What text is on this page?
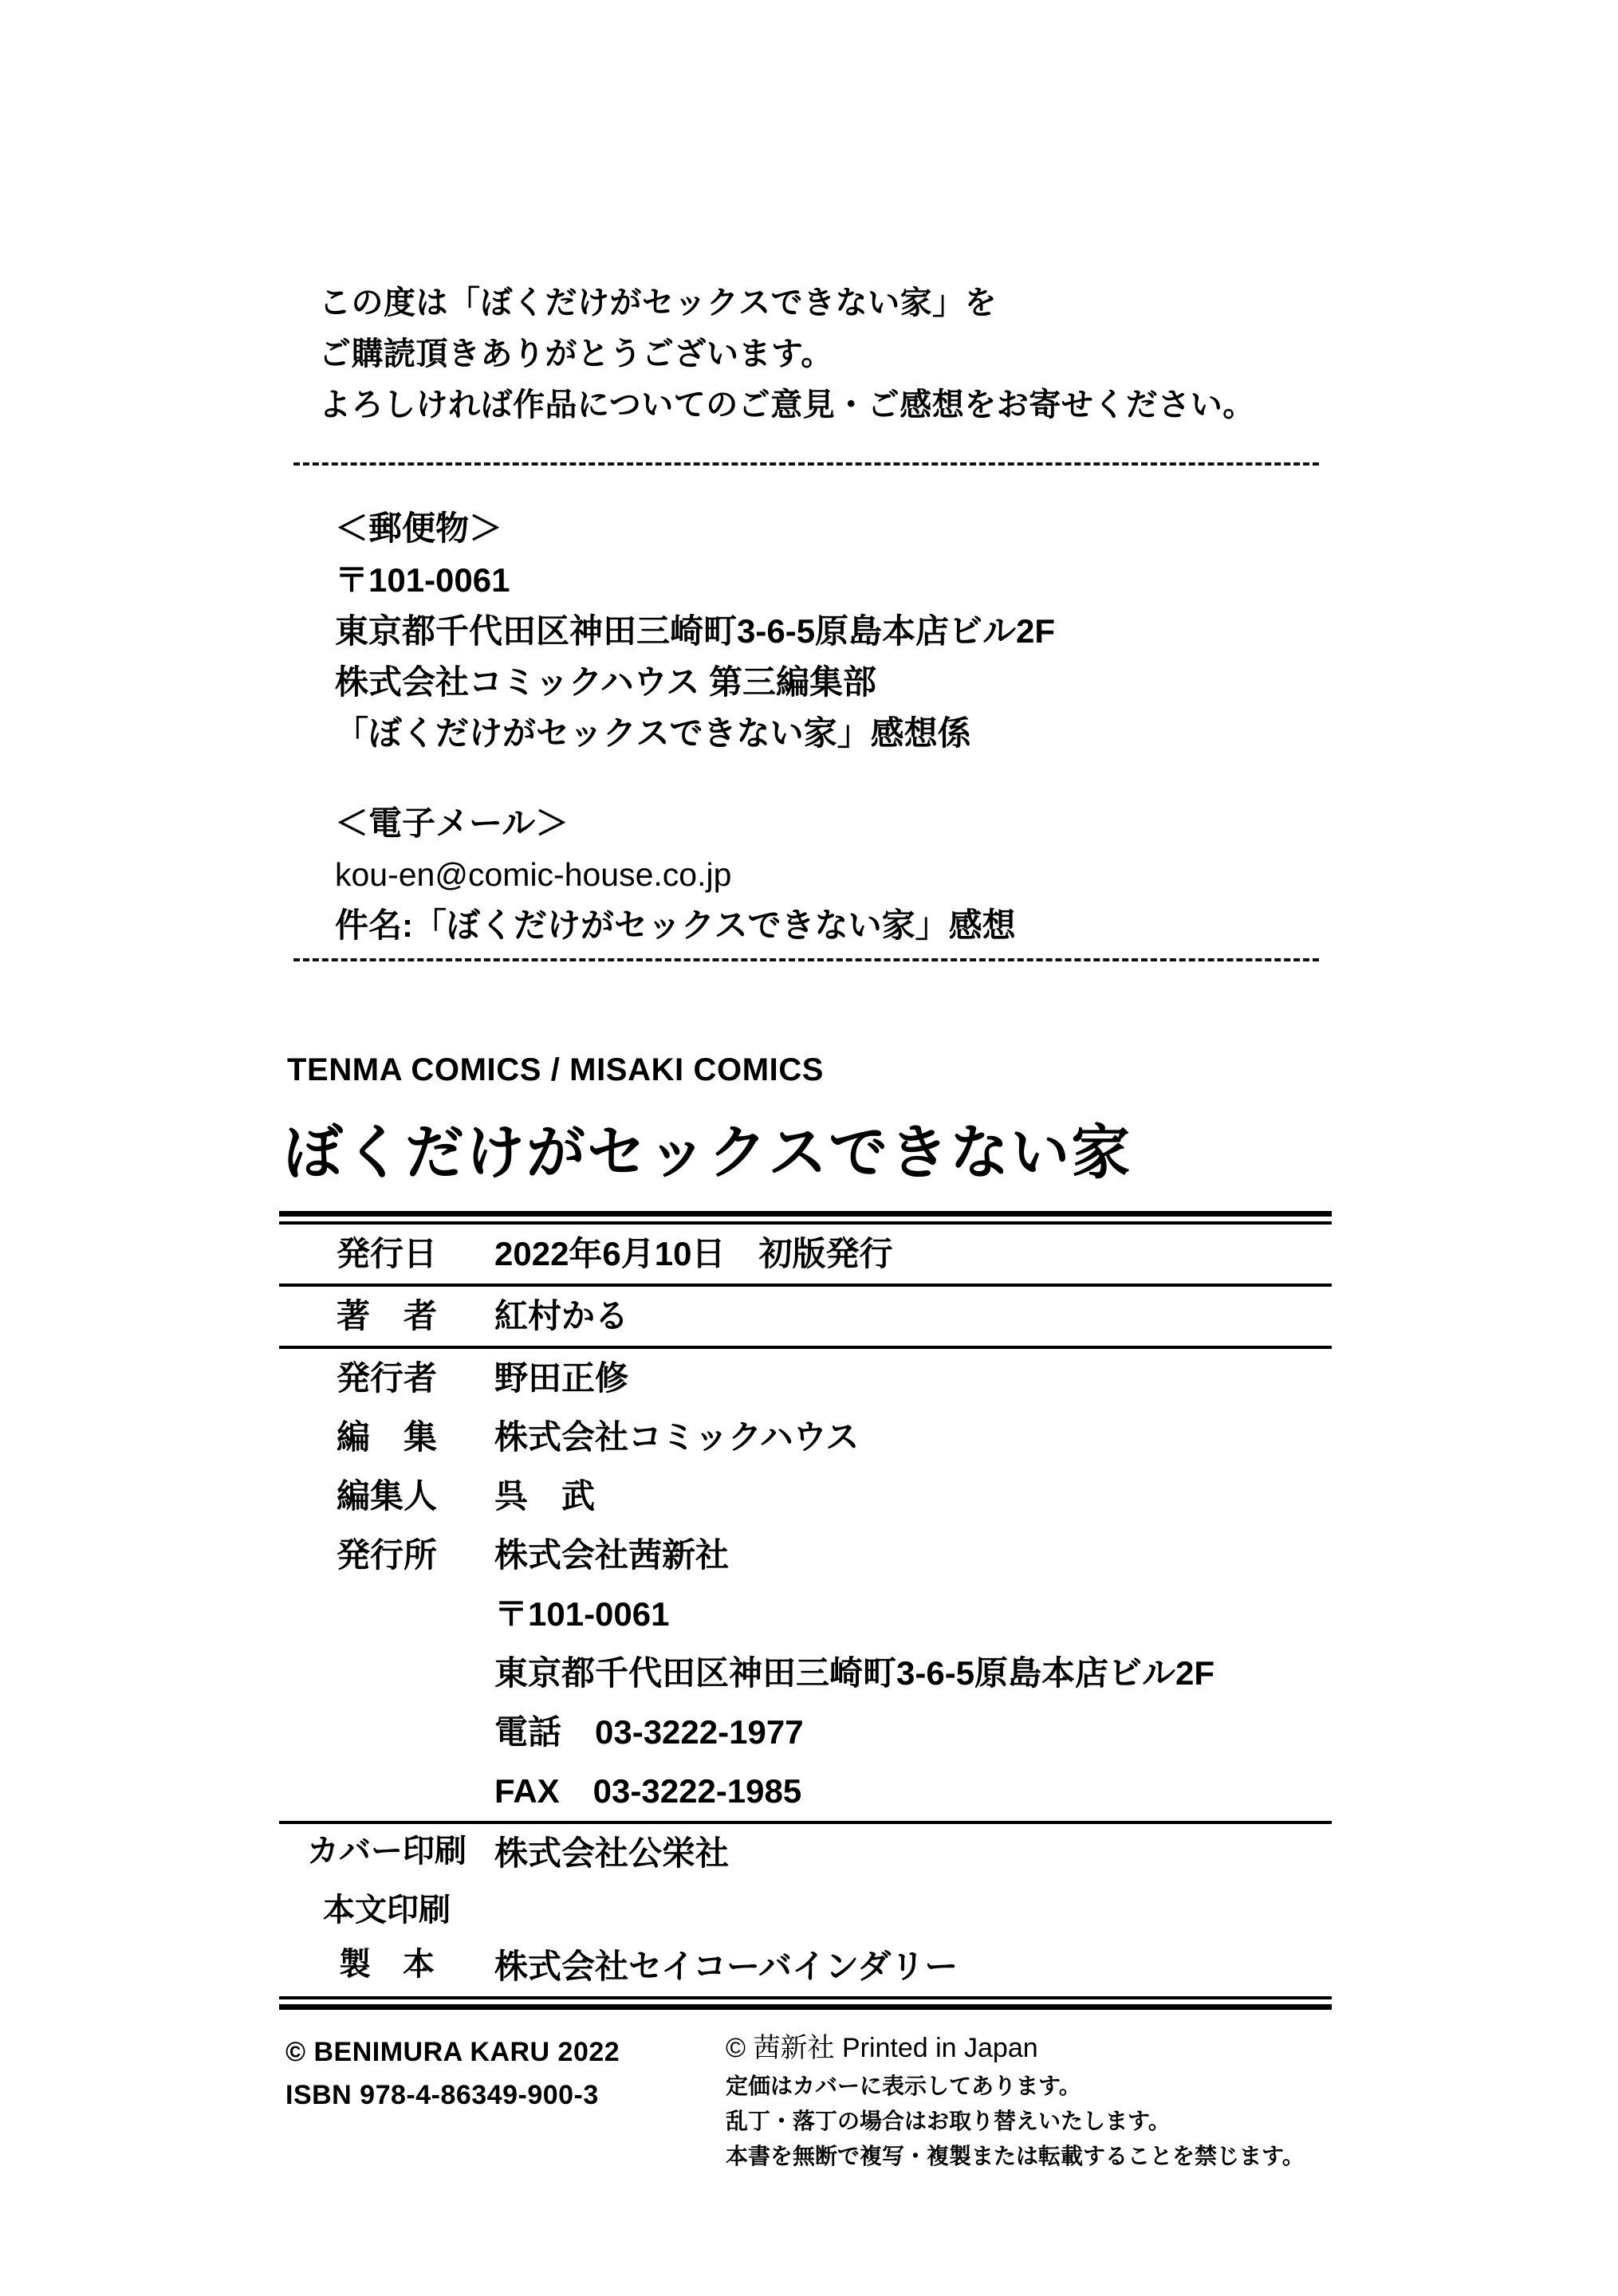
この度は「ぼくだけがセックスできない家」を
ご購読頂きありがとうございます。
よろしければ作品についてのご意見・ご感想をお寄せください。
＜郵便物＞
〒101-0061
東京都千代田区神田三崎町3-6-5原島本店ビル2F
株式会社コミックハウス 第三編集部
「ぼくだけがセックスできない家」感想係
＜電子メール＞
kou-en@comic-house.co.jp
件名:「ぼくだけがセックスできない家」感想
TENMA COMICS / MISAKI COMICS
ぼくだけがセックスできない家
発行日	2022年6月10日　初版発行
著　者	紅村かる
発行者	野田正修
編　集	株式会社コミックハウス
編集人	呉　武
発行所	株式会社茜新社
	〒101-0061
	東京都千代田区神田三崎町3-6-5原島本店ビル2F
	電話　03-3222-1977
	FAX　03-3222-1985
カバー印刷	株式会社公栄社
本文印刷	
製　本	株式会社セイコーバインダリー
© BENIMURA KARU 2022
ISBN 978-4-86349-900-3
© 茜新社 Printed in Japan
定価はカバーに表示してあります。
乱丁・落丁の場合はお取り替えいたします。
本書を無断で複写・複製または転載することを禁じます。
